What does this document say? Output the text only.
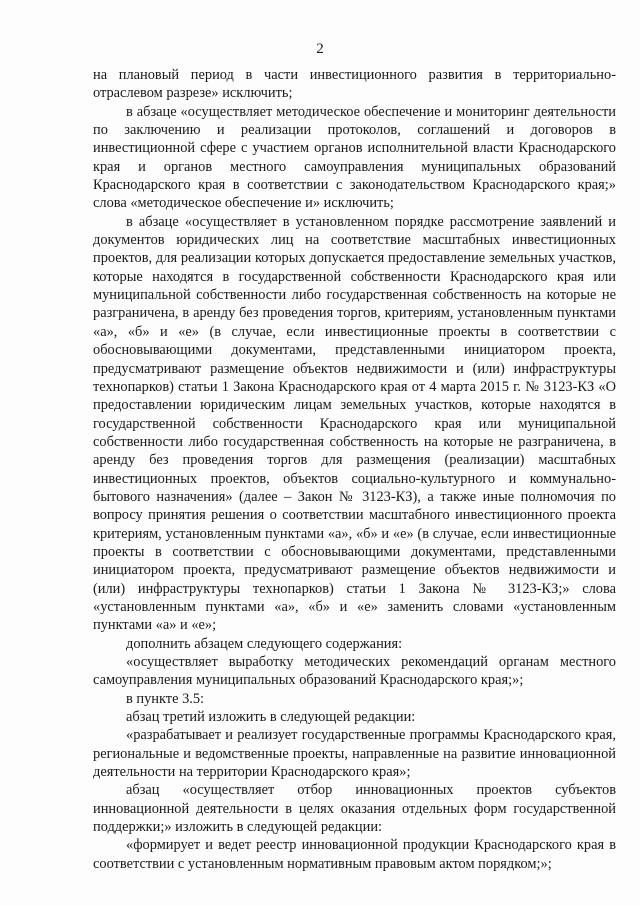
2

на плановый период в части инвестиционного развития в территориально-отраслевом разрезе» исключить;

в абзаце «осуществляет методическое обеспечение и мониторинг деятельности по заключению и реализации протоколов, соглашений и договоров в инвестиционной сфере с участием органов исполнительной власти Краснодарского края и органов местного самоуправления муниципальных образований Краснодарского края в соответствии с законодательством Краснодарского края;» слова «методическое обеспечение и» исключить;

в абзаце «осуществляет в установленном порядке рассмотрение заявлений и документов юридических лиц на соответствие масштабных инвестиционных проектов, для реализации которых допускается предоставление земельных участков, которые находятся в государственной собственности Краснодарского края или муниципальной собственности либо государственная собственность на которые не разграничена, в аренду без проведения торгов, критериям, установленным пунктами «а», «б» и «е» (в случае, если инвестиционные проекты в соответствии с обосновывающими документами, представленными инициатором проекта, предусматривают размещение объектов недвижимости и (или) инфраструктуры технопарков) статьи 1 Закона Краснодарского края от 4 марта 2015 г. № 3123-КЗ «О предоставлении юридическим лицам земельных участков, которые находятся в государственной собственности Краснодарского края или муниципальной собственности либо государственная собственность на которые не разграничена, в аренду без проведения торгов для размещения (реализации) масштабных инвестиционных проектов, объектов социально-культурного и коммунально-бытового назначения» (далее – Закон № 3123-КЗ), а также иные полномочия по вопросу принятия решения о соответствии масштабного инвестиционного проекта критериям, установленным пунктами «а», «б» и «е» (в случае, если инвестиционные проекты в соответствии с обосновывающими документами, представленными инициатором проекта, предусматривают размещение объектов недвижимости и (или) инфраструктуры технопарков) статьи 1 Закона № 3123-КЗ;» слова «установленным пунктами «а», «б» и «е» заменить словами «установленным пунктами «а» и «е»;

дополнить абзацем следующего содержания:

«осуществляет выработку методических рекомендаций органам местного самоуправления муниципальных образований Краснодарского края;»;

в пункте 3.5:

абзац третий изложить в следующей редакции:

«разрабатывает и реализует государственные программы Краснодарского края, региональные и ведомственные проекты, направленные на развитие инновационной деятельности на территории Краснодарского края»;

абзац «осуществляет отбор инновационных проектов субъектов инновационной деятельности в целях оказания отдельных форм государственной поддержки;» изложить в следующей редакции:

«формирует и ведет реестр инновационной продукции Краснодарского края в соответствии с установленным нормативным правовым актом порядком;»;
